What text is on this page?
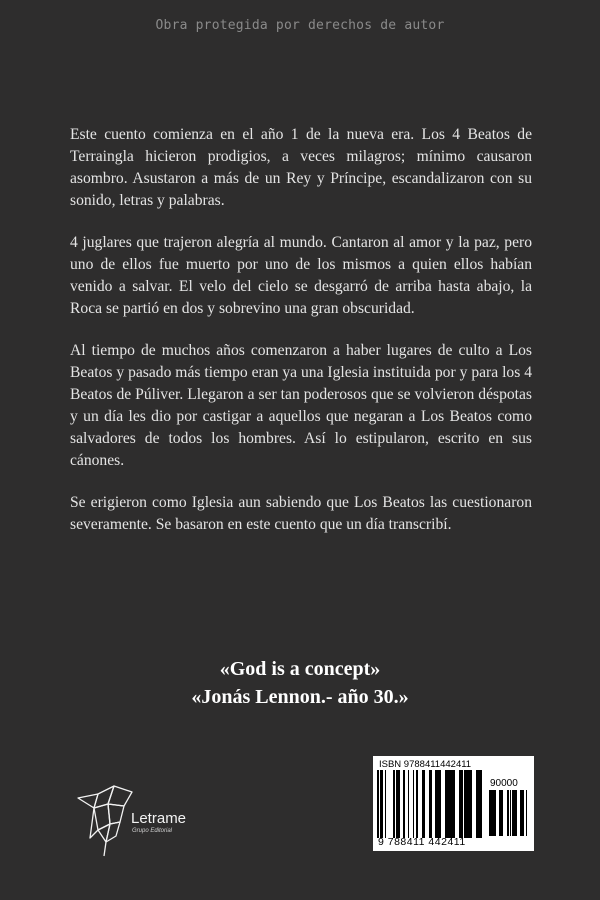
Obra protegida por derechos de autor

Este cuento comienza en el año 1 de la nueva era. Los 4 Beatos de Terraingla hicieron prodigios, a veces milagros; mínimo causaron asombro. Asustaron a más de un Rey y Príncipe, escandalizaron con su sonido, letras y palabras.

4 juglares que trajeron alegría al mundo. Cantaron al amor y la paz, pero uno de ellos fue muerto por uno de los mismos a quien ellos habían venido a salvar. El velo del cielo se desgarró de arriba hasta abajo, la Roca se partió en dos y sobrevino una gran obscuridad.

Al tiempo de muchos años comenzaron a haber lugares de culto a Los Beatos y pasado más tiempo eran ya una Iglesia instituida por y para los 4 Beatos de Púliver. Llegaron a ser tan poderosos que se volvieron déspotas y un día les dio por castigar a aquellos que negaran a Los Beatos como salvadores de todos los hombres. Así lo estipularon, escrito en sus cánones.

Se erigieron como Iglesia aun sabiendo que Los Beatos las cuestionaron severamente. Se basaron en este cuento que un día transcribí.

«God is a concept»
«Jonás Lennon.- año 30.»
Letrame
Grupo Editorial
ISBN 9788411442411
90000
9 788411 442411
